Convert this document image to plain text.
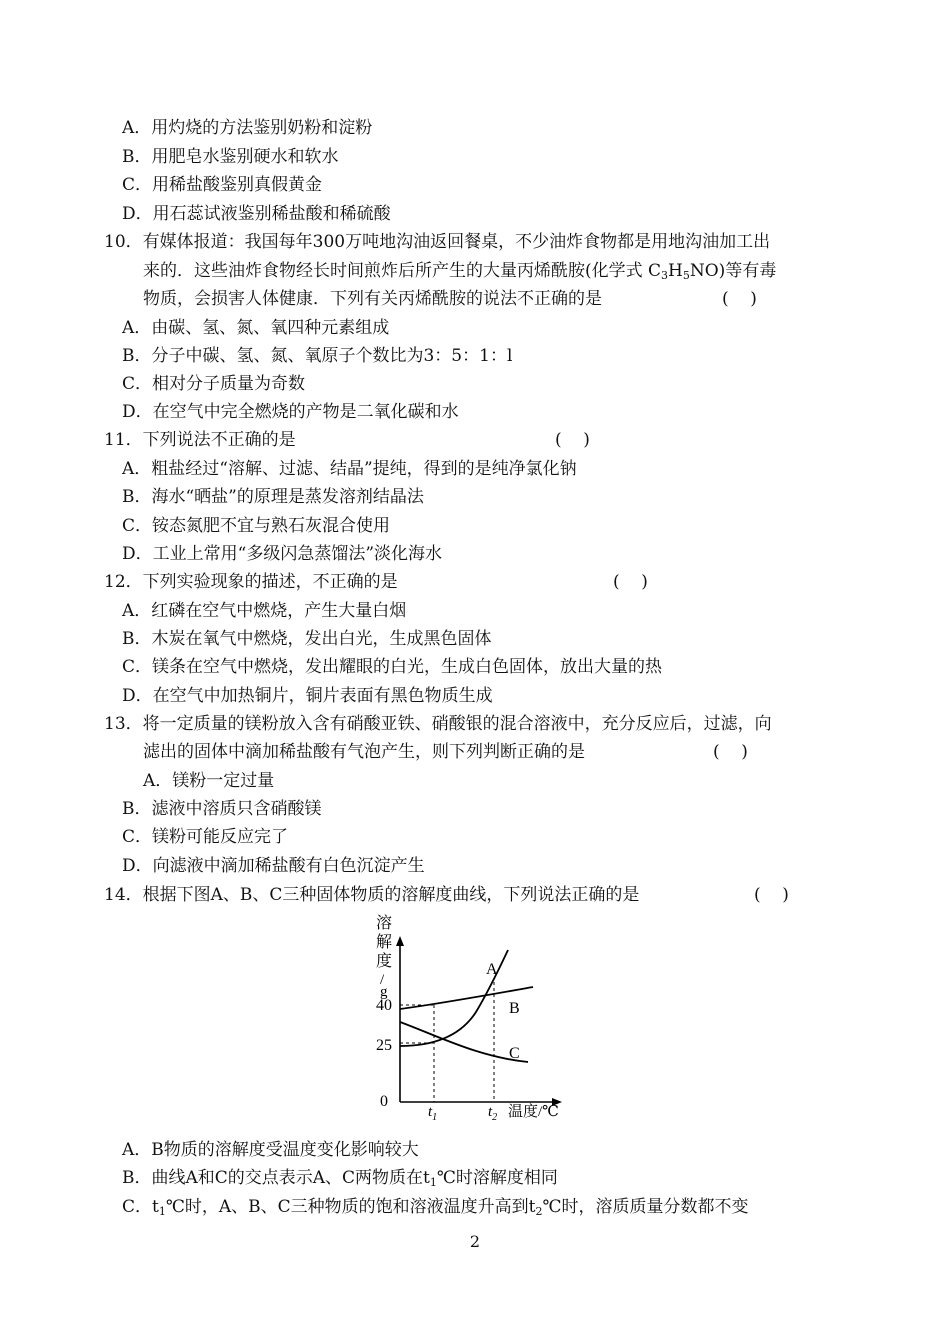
A．用灼烧的方法鉴别奶粉和淀粉
B．用肥皂水鉴别硬水和软水
C．用稀盐酸鉴别真假黄金
D．用石蕊试液鉴别稀盐酸和稀硫酸
10．有媒体报道：我国每年300万吨地沟油返回餐桌，不少油炸食物都是用地沟油加工出
来的．这些油炸食物经长时间煎炸后所产生的大量丙烯酰胺(化学式 $C_3H_5NO$)等有毒
物质，会损害人体健康．下列有关丙烯酰胺的说法不正确的是	(    )
A．由碳、氢、氮、氧四种元素组成
B．分子中碳、氢、氮、氧原子个数比为3：5：1：l
C．相对分子质量为奇数
D．在空气中完全燃烧的产物是二氧化碳和水
11．下列说法不正确的是	(    )
A．粗盐经过“溶解、过滤、结晶”提纯，得到的是纯净氯化钠
B．海水“晒盐”的原理是蒸发溶剂结晶法
C．铵态氮肥不宜与熟石灰混合使用
D．工业上常用“多级闪急蒸馏法”淡化海水
12．下列实验现象的描述，不正确的是	(    )
A．红磷在空气中燃烧，产生大量白烟
B．木炭在氧气中燃烧，发出白光，生成黑色固体
C．镁条在空气中燃烧，发出耀眼的白光，生成白色固体，放出大量的热
D．在空气中加热铜片，铜片表面有黑色物质生成
13．将一定质量的镁粉放入含有硝酸亚铁、硝酸银的混合溶液中，充分反应后，过滤，向
滤出的固体中滴加稀盐酸有气泡产生，则下列判断正确的是	(    )
A．镁粉一定过量
B．滤液中溶质只含硝酸镁
C．镁粉可能反应完了
D．向滤液中滴加稀盐酸有白色沉淀产生
14．根据下图A、B、C三种固体物质的溶解度曲线，下列说法正确的是	(    )
溶
解
度
/
g
40
25
0
A
B
C
$t_1$	$t_2$ 温度/℃
A．B物质的溶解度受温度变化影响较大
B．曲线A和C的交点表示A、C两物质在$t_1℃$时溶解度相同
C．$t_1℃$时，A、B、C三种物质的饱和溶液温度升高到$t_2℃$时，溶质质量分数都不变
2
